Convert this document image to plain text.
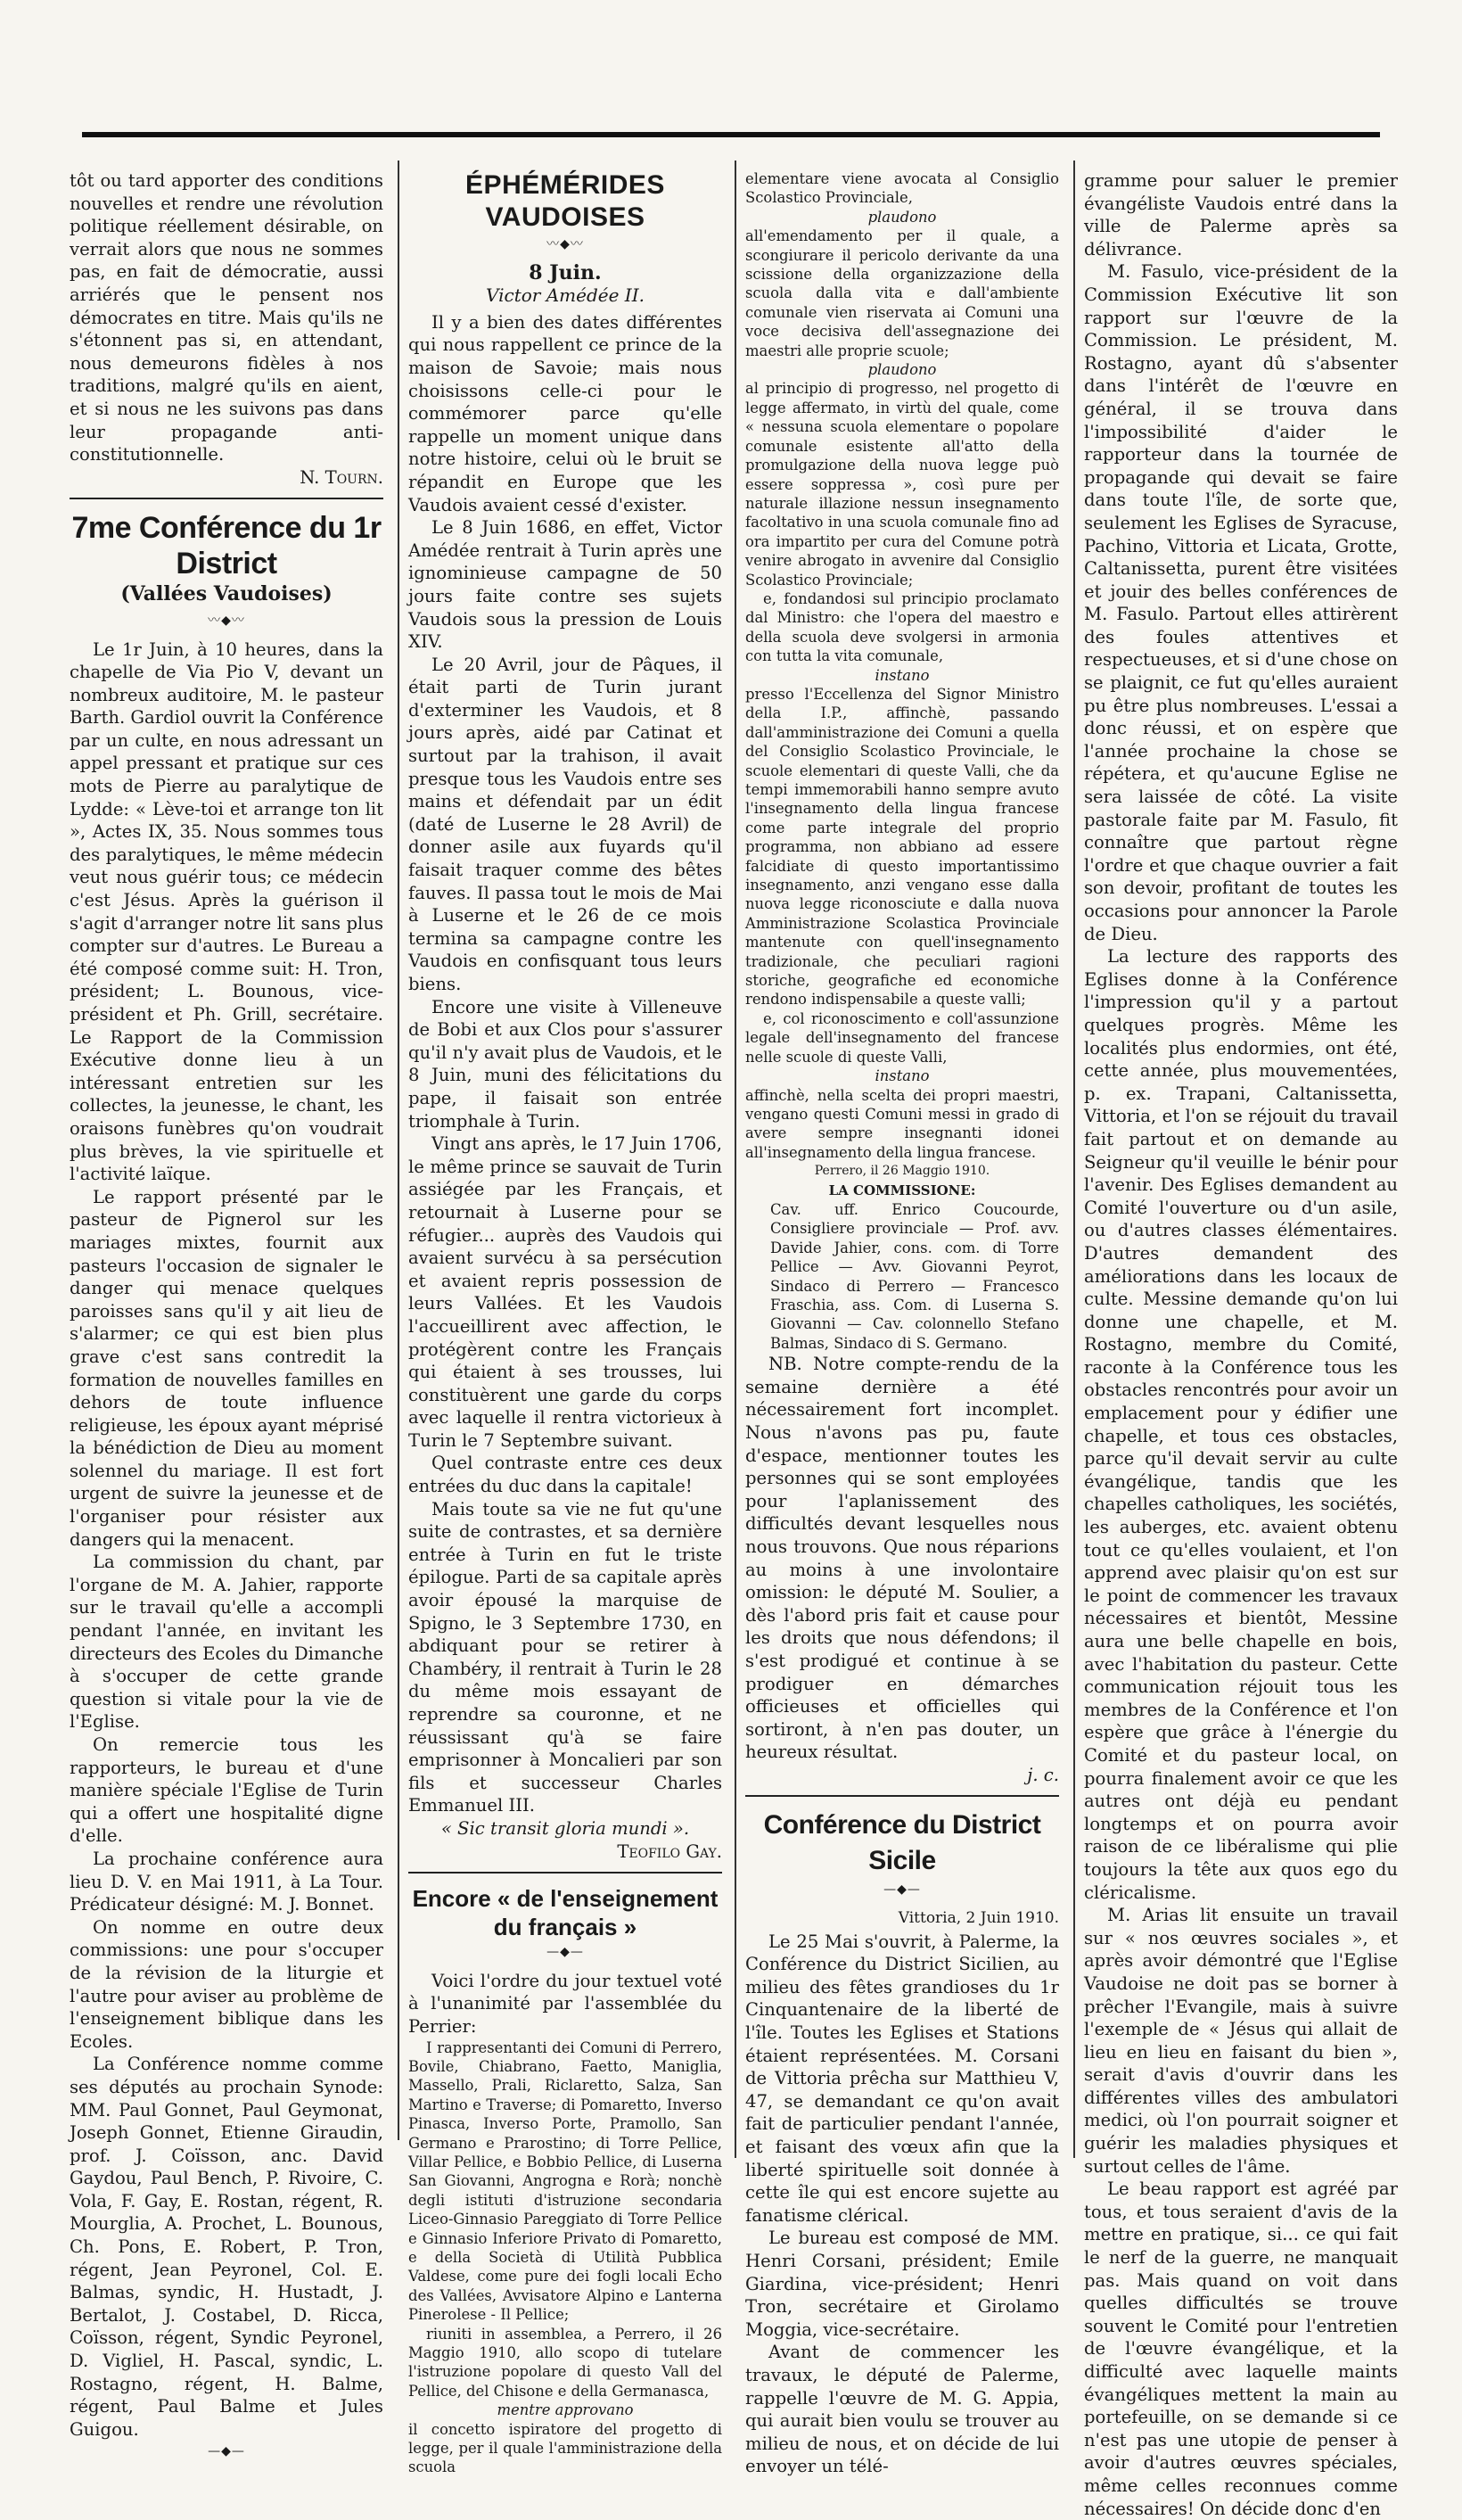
tôt ou tard apporter des conditions nouvelles et rendre une révolution politique réellement désirable, on verrait alors que nous ne sommes pas, en fait de démocratie, aussi arriérés que le pensent nos démocrates en titre. Mais qu'ils ne s'étonnent pas si, en attendant, nous demeurons fidèles à nos traditions, malgré qu'ils en aient, et si nous ne les suivons pas dans leur propagande anti-constitutionnelle.

N. Tourn.

7me Conférence du 1r District
(Vallées Vaudoises)
〰◆〰

Le 1r Juin, à 10 heures, dans la chapelle de Via Pio V, devant un nombreux auditoire, M. le pasteur Barth. Gardiol ouvrit la Conférence par un culte, en nous adressant un appel pressant et pratique sur ces mots de Pierre au paralytique de Lydde: « Lève-toi et arrange ton lit », Actes IX, 35. Nous sommes tous des paralytiques, le même médecin veut nous guérir tous; ce médecin c'est Jésus. Après la guérison il s'agit d'arranger notre lit sans plus compter sur d'autres. Le Bureau a été composé comme suit: H. Tron, président; L. Bounous, vice-président et Ph. Grill, secrétaire. Le Rapport de la Commission Exécutive donne lieu à un intéressant entretien sur les collectes, la jeunesse, le chant, les oraisons funèbres qu'on voudrait plus brèves, la vie spirituelle et l'activité laïque.

Le rapport présenté par le pasteur de Pignerol sur les mariages mixtes, fournit aux pasteurs l'occasion de signaler le danger qui menace quelques paroisses sans qu'il y ait lieu de s'alarmer; ce qui est bien plus grave c'est sans contredit la formation de nouvelles familles en dehors de toute influence religieuse, les époux ayant méprisé la bénédiction de Dieu au moment solennel du mariage. Il est fort urgent de suivre la jeunesse et de l'organiser pour résister aux dangers qui la menacent.

La commission du chant, par l'organe de M. A. Jahier, rapporte sur le travail qu'elle a accompli pendant l'année, en invitant les directeurs des Ecoles du Dimanche à s'occuper de cette grande question si vitale pour la vie de l'Eglise.

On remercie tous les rapporteurs, le bureau et d'une manière spéciale l'Eglise de Turin qui a offert une hospitalité digne d'elle.

La prochaine conférence aura lieu D. V. en Mai 1911, à La Tour. Prédicateur désigné: M. J. Bonnet.

On nomme en outre deux commissions: une pour s'occuper de la révision de la liturgie et l'autre pour aviser au problème de l'enseignement biblique dans les Ecoles.

La Conférence nomme comme ses députés au prochain Synode: MM. Paul Gonnet, Paul Geymonat, Joseph Gonnet, Etienne Giraudin, prof. J. Coïsson, anc. David Gaydou, Paul Bench, P. Rivoire, C. Vola, F. Gay, E. Rostan, régent, R. Mourglia, A. Prochet, L. Bounous, Ch. Pons, E. Robert, P. Tron, régent, Jean Peyronel, Col. E. Balmas, syndic, H. Hustadt, J. Bertalot, J. Costabel, D. Ricca, Coïsson, régent, Syndic Peyronel, D. Vigliel, H. Pascal, syndic, L. Rostagno, régent, H. Balme, régent, Paul Balme et Jules Guigou.

—◆—
ÉPHÉMÉRIDES VAUDOISES
〰◆〰
8 Juin.
Victor Amédée II.

Il y a bien des dates différentes qui nous rappellent ce prince de la maison de Savoie; mais nous choisissons celle-ci pour le commémorer parce qu'elle rappelle un moment unique dans notre histoire, celui où le bruit se répandit en Europe que les Vaudois avaient cessé d'exister.

Le 8 Juin 1686, en effet, Victor Amédée rentrait à Turin après une ignominieuse campagne de 50 jours faite contre ses sujets Vaudois sous la pression de Louis XIV.

Le 20 Avril, jour de Pâques, il était parti de Turin jurant d'exterminer les Vaudois, et 8 jours après, aidé par Catinat et surtout par la trahison, il avait presque tous les Vaudois entre ses mains et défendait par un édit (daté de Luserne le 28 Avril) de donner asile aux fuyards qu'il faisait traquer comme des bêtes fauves. Il passa tout le mois de Mai à Luserne et le 26 de ce mois termina sa campagne contre les Vaudois en confisquant tous leurs biens.

Encore une visite à Villeneuve de Bobi et aux Clos pour s'assurer qu'il n'y avait plus de Vaudois, et le 8 Juin, muni des félicitations du pape, il faisait son entrée triomphale à Turin.

Vingt ans après, le 17 Juin 1706, le même prince se sauvait de Turin assiégée par les Français, et retournait à Luserne pour se réfugier... auprès des Vaudois qui avaient survécu à sa persécution et avaient repris possession de leurs Vallées. Et les Vaudois l'accueillirent avec affection, le protégèrent contre les Français qui étaient à ses trousses, lui constituèrent une garde du corps avec laquelle il rentra victorieux à Turin le 7 Septembre suivant.

Quel contraste entre ces deux entrées du duc dans la capitale!

Mais toute sa vie ne fut qu'une suite de contrastes, et sa dernière entrée à Turin en fut le triste épilogue. Parti de sa capitale après avoir épousé la marquise de Spigno, le 3 Septembre 1730, en abdiquant pour se retirer à Chambéry, il rentrait à Turin le 28 du même mois essayant de reprendre sa couronne, et ne réussissant qu'à se faire emprisonner à Moncalieri par son fils et successeur Charles Emmanuel III.

« Sic transit gloria mundi ».

Teofilo Gay.

Encore « de l'enseignement du français »
—◆—

Voici l'ordre du jour textuel voté à l'unanimité par l'assemblée du Perrier:

I rappresentanti dei Comuni di Perrero, Bovile, Chiabrano, Faetto, Maniglia, Massello, Prali, Riclaretto, Salza, San Martino e Traverse; di Pomaretto, Inverso Pinasca, Inverso Porte, Pramollo, San Germano e Prarostino; di Torre Pellice, Villar Pellice, e Bobbio Pellice, di Luserna San Giovanni, Angrogna e Rorà; nonchè degli istituti d'istruzione secondaria Liceo-Ginnasio Pareggiato di Torre Pellice e Ginnasio Inferiore Privato di Pomaretto, e della Società di Utilità Pubblica Valdese, come pure dei fogli locali Echo des Vallées, Avvisatore Alpino e Lanterna Pinerolese - Il Pellice;

riuniti in assemblea, a Perrero, il 26 Maggio 1910, allo scopo di tutelare l'istruzione popolare di questo Vall del Pellice, del Chisone e della Germanasca,

mentre approvano

il concetto ispiratore del progetto di legge, per il quale l'amministrazione della scuola

elementare viene avocata al Consiglio Scolastico Provinciale,

plaudono

all'emendamento per il quale, a scongiurare il pericolo derivante da una scissione della organizzazione della scuola dalla vita e dall'ambiente comunale vien riservata ai Comuni una voce decisiva dell'assegnazione dei maestri alle proprie scuole;

plaudono

al principio di progresso, nel progetto di legge affermato, in virtù del quale, come « nessuna scuola elementare o popolare comunale esistente all'atto della promulgazione della nuova legge può essere soppressa », così pure per naturale illazione nessun insegnamento facoltativo in una scuola comunale fino ad ora impartito per cura del Comune potrà venire abrogato in avvenire dal Consiglio Scolastico Provinciale;

e, fondandosi sul principio proclamato dal Ministro: che l'opera del maestro e della scuola deve svolgersi in armonia con tutta la vita comunale,

instano

presso l'Eccellenza del Signor Ministro della I.P., affinchè, passando dall'amministrazione dei Comuni a quella del Consiglio Scolastico Provinciale, le scuole elementari di queste Valli, che da tempi immemorabili hanno sempre avuto l'insegnamento della lingua francese come parte integrale del proprio programma, non abbiano ad essere falcidiate di questo importantissimo insegnamento, anzi vengano esse dalla nuova legge riconosciute e dalla nuova Amministrazione Scolastica Provinciale mantenute con quell'insegnamento tradizionale, che peculiari ragioni storiche, geografiche ed economiche rendono indispensabile a queste valli;

e, col riconoscimento e coll'assunzione legale dell'insegnamento del francese nelle scuole di queste Valli,

instano

affinchè, nella scelta dei propri maestri, vengano questi Comuni messi in grado di avere sempre insegnanti idonei all'insegnamento della lingua francese.

Perrero, il 26 Maggio 1910.

LA COMMISSIONE:

Cav. uff. Enrico Coucourde, Consigliere provinciale — Prof. avv. Davide Jahier, cons. com. di Torre Pellice — Avv. Giovanni Peyrot, Sindaco di Perrero — Francesco Fraschia, ass. Com. di Luserna S. Giovanni — Cav. colonnello Stefano Balmas, Sindaco di S. Germano.

NB. Notre compte-rendu de la semaine dernière a été nécessairement fort incomplet. Nous n'avons pas pu, faute d'espace, mentionner toutes les personnes qui se sont employées pour l'aplanissement des difficultés devant lesquelles nous nous trouvons. Que nous réparions au moins à une involontaire omission: le député M. Soulier, a dès l'abord pris fait et cause pour les droits que nous défendons; il s'est prodigué et continue à se prodiguer en démarches officieuses et officielles qui sortiront, à n'en pas douter, un heureux résultat.

j. c.

Conférence du District Sicile
—◆—

Vittoria, 2 Juin 1910.

Le 25 Mai s'ouvrit, à Palerme, la Conférence du District Sicilien, au milieu des fêtes grandioses du 1r Cinquantenaire de la liberté de l'île. Toutes les Eglises et Stations étaient représentées. M. Corsani de Vittoria prêcha sur Matthieu V, 47, se demandant ce qu'on avait fait de particulier pendant l'année, et faisant des vœux afin que la liberté spirituelle soit donnée à cette île qui est encore sujette au fanatisme clérical.

Le bureau est composé de MM. Henri Corsani, président; Emile Giardina, vice-président; Henri Tron, secrétaire et Girolamo Moggia, vice-secrétaire.

Avant de commencer les travaux, le député de Palerme, rappelle l'œuvre de M. G. Appia, qui aurait bien voulu se trouver au milieu de nous, et on décide de lui envoyer un télé-

gramme pour saluer le premier évangéliste Vaudois entré dans la ville de Palerme après sa délivrance.

M. Fasulo, vice-président de la Commission Exécutive lit son rapport sur l'œuvre de la Commission. Le président, M. Rostagno, ayant dû s'absenter dans l'intérêt de l'œuvre en général, il se trouva dans l'impossibilité d'aider le rapporteur dans la tournée de propagande qui devait se faire dans toute l'île, de sorte que, seulement les Eglises de Syracuse, Pachino, Vittoria et Licata, Grotte, Caltanissetta, purent être visitées et jouir des belles conférences de M. Fasulo. Partout elles attirèrent des foules attentives et respectueuses, et si d'une chose on se plaignit, ce fut qu'elles auraient pu être plus nombreuses. L'essai a donc réussi, et on espère que l'année prochaine la chose se répétera, et qu'aucune Eglise ne sera laissée de côté. La visite pastorale faite par M. Fasulo, fit connaître que partout règne l'ordre et que chaque ouvrier a fait son devoir, profitant de toutes les occasions pour annoncer la Parole de Dieu.

La lecture des rapports des Eglises donne à la Conférence l'impression qu'il y a partout quelques progrès. Même les localités plus endormies, ont été, cette année, plus mouvementées, p. ex. Trapani, Caltanissetta, Vittoria, et l'on se réjouit du travail fait partout et on demande au Seigneur qu'il veuille le bénir pour l'avenir. Des Eglises demandent au Comité l'ouverture ou d'un asile, ou d'autres classes élémentaires. D'autres demandent des améliorations dans les locaux de culte. Messine demande qu'on lui donne une chapelle, et M. Rostagno, membre du Comité, raconte à la Conférence tous les obstacles rencontrés pour avoir un emplacement pour y édifier une chapelle, et tous ces obstacles, parce qu'il devait servir au culte évangélique, tandis que les chapelles catholiques, les sociétés, les auberges, etc. avaient obtenu tout ce qu'elles voulaient, et l'on apprend avec plaisir qu'on est sur le point de commencer les travaux nécessaires et bientôt, Messine aura une belle chapelle en bois, avec l'habitation du pasteur. Cette communication réjouit tous les membres de la Conférence et l'on espère que grâce à l'énergie du Comité et du pasteur local, on pourra finalement avoir ce que les autres ont déjà eu pendant longtemps et on pourra avoir raison de ce libéralisme qui plie toujours la tête aux quos ego du cléricalisme.

M. Arias lit ensuite un travail sur « nos œuvres sociales », et après avoir démontré que l'Eglise Vaudoise ne doit pas se borner à prêcher l'Evangile, mais à suivre l'exemple de « Jésus qui allait de lieu en lieu en faisant du bien », serait d'avis d'ouvrir dans les différentes villes des ambulatori medici, où l'on pourrait soigner et guérir les maladies physiques et surtout celles de l'âme.

Le beau rapport est agréé par tous, et tous seraient d'avis de la mettre en pratique, si... ce qui fait le nerf de la guerre, ne manquait pas. Mais quand on voit dans quelles difficultés se trouve souvent le Comité pour l'entretien de l'œuvre évangélique, et la difficulté avec laquelle maints évangéliques mettent la main au portefeuille, on se demande si ce n'est pas une utopie de penser à avoir d'autres œuvres spéciales, même celles reconnues comme nécessaires! On décide donc d'en
